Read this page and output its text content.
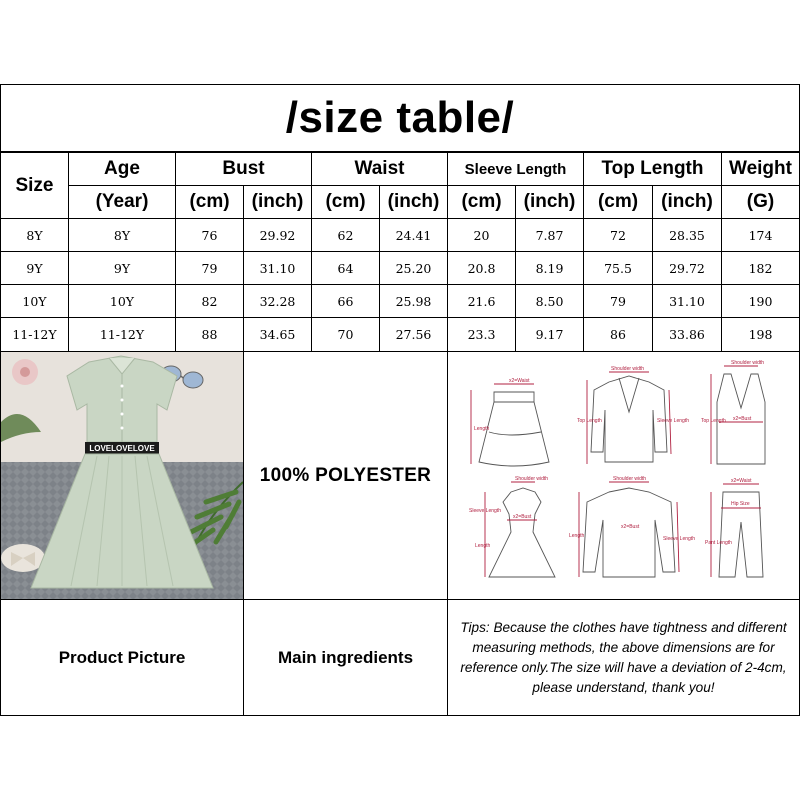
/size table/
Size
Age	Bust	Waist	Sleeve Length	Top Length	Weight
(Year)	(cm)	(inch)	(cm)	(inch)	(cm)	(inch)	(cm)	(inch)	(G)
8Y	8Y	76	29.92	62	24.41	20	7.87	72	28.35	174
9Y	9Y	79	31.10	64	25.20	20.8	8.19	75.5	29.72	182
10Y	10Y	82	32.28	66	25.98	21.6	8.50	79	31.10	190
11-12Y	11-12Y	88	34.65	70	27.56	23.3	9.17	86	33.86	198
LOVELOVELOVE
100% POLYESTER
x2=Waist
Length
Shoulder width
Top Length	Sleeve Length
Shoulder width
Top Length x2=Bust
Shoulder width
Sleeve Length
x2=Bust
Length
Shoulder width
x2=Bust
Length	Sleeve Length
x2=Waist
Hip Size
Pant Length
Product Picture	Main ingredients
Tips: Because the clothes have tightness and different measuring methods, the above dimensions are for reference only.The size will have a deviation of 2-4cm, please understand, thank you!
